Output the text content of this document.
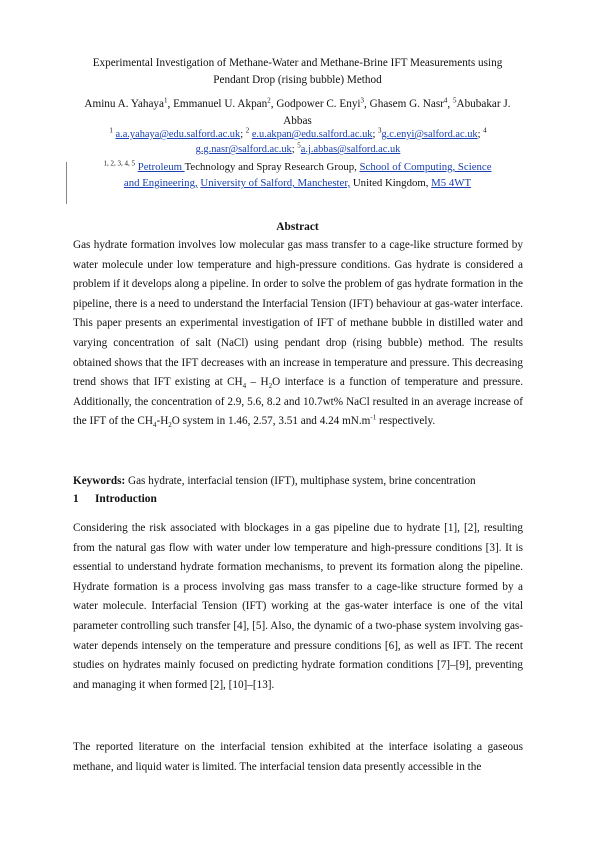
Experimental Investigation of Methane-Water and Methane-Brine IFT Measurements using
Pendant Drop (rising bubble) Method
Aminu A. Yahaya$^1$, Emmanuel U. Akpan$^2$, Godpower C. Enyi$^3$, Ghasem G. Nasr$^4$, $^5$Abubakar J. Abbas
$^1$ a.a.yahaya@edu.salford.ac.uk; $^2$ e.u.akpan@edu.salford.ac.uk; $^3$g.c.enyi@salford.ac.uk; $^4$ g.g.nasr@salford.ac.uk; $^5$a.j.abbas@salford.ac.uk
$^{1, 2, 3, 4, 5}$ Petroleum Technology and Spray Research Group, School of Computing, Science and Engineering, University of Salford, Manchester, United Kingdom, M5 4WT
Abstract

Gas hydrate formation involves low molecular gas mass transfer to a cage-like structure formed by water molecule under low temperature and high-pressure conditions. Gas hydrate is considered a problem if it develops along a pipeline. In order to solve the problem of gas hydrate formation in the pipeline, there is a need to understand the Interfacial Tension (IFT) behaviour at gas-water interface. This paper presents an experimental investigation of IFT of methane bubble in distilled water and varying concentration of salt (NaCl) using pendant drop (rising bubble) method. The results obtained shows that the IFT decreases with an increase in temperature and pressure. This decreasing trend shows that IFT existing at $CH_4 - H_2O$ interface is a function of temperature and pressure. Additionally, the concentration of 2.9, 5.6, 8.2 and 10.7wt% NaCl resulted in an average increase of the IFT of the $CH_4-H_2O$ system in 1.46, 2.57, 3.51 and 4.24 $mN.m^{-1}$ respectively.

Keywords: Gas hydrate, interfacial tension (IFT), multiphase system, brine concentration

1 Introduction

Considering the risk associated with blockages in a gas pipeline due to hydrate [1], [2], resulting from the natural gas flow with water under low temperature and high-pressure conditions [3]. It is essential to understand hydrate formation mechanisms, to prevent its formation along the pipeline. Hydrate formation is a process involving gas mass transfer to a cage-like structure formed by a water molecule. Interfacial Tension (IFT) working at the gas-water interface is one of the vital parameter controlling such transfer [4], [5]. Also, the dynamic of a two-phase system involving gas-water depends intensely on the temperature and pressure conditions [6], as well as IFT. The recent studies on hydrates mainly focused on predicting hydrate formation conditions [7]–[9], preventing and managing it when formed [2], [10]–[13].

The reported literature on the interfacial tension exhibited at the interface isolating a gaseous methane, and liquid water is limited. The interfacial tension data presently accessible in the
